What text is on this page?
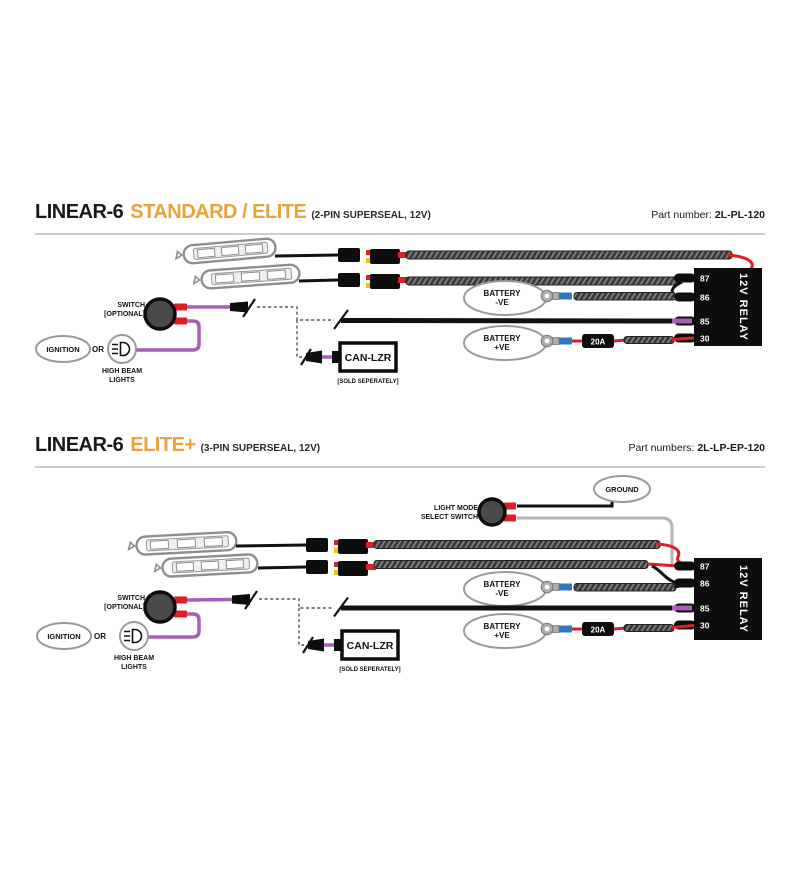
LINEAR-6 STANDARD / ELITE (2-PIN SUPERSEAL, 12V)	Part number: 2L-PL-120
LINEAR-6 ELITE+ (3-PIN SUPERSEAL, 12V)	Part numbers: 2L-LP-EP-120
87
86
85
30	12V RELAY
BATTERY
-VE
BATTERY
+VE
20A
SWITCH
[OPTIONAL]
CAN-LZR
[SOLD SEPERATELY]
IGNITION OR
HIGH BEAM
LIGHTS
GROUND
LIGHT MODE
SELECT SWITCH
87
86
85
30	12V RELAY
BATTERY
-VE
BATTERY
+VE
20A
SWITCH
[OPTIONAL]
CAN-LZR
[SOLD SEPERATELY]
IGNITION OR
HIGH BEAM
LIGHTS
